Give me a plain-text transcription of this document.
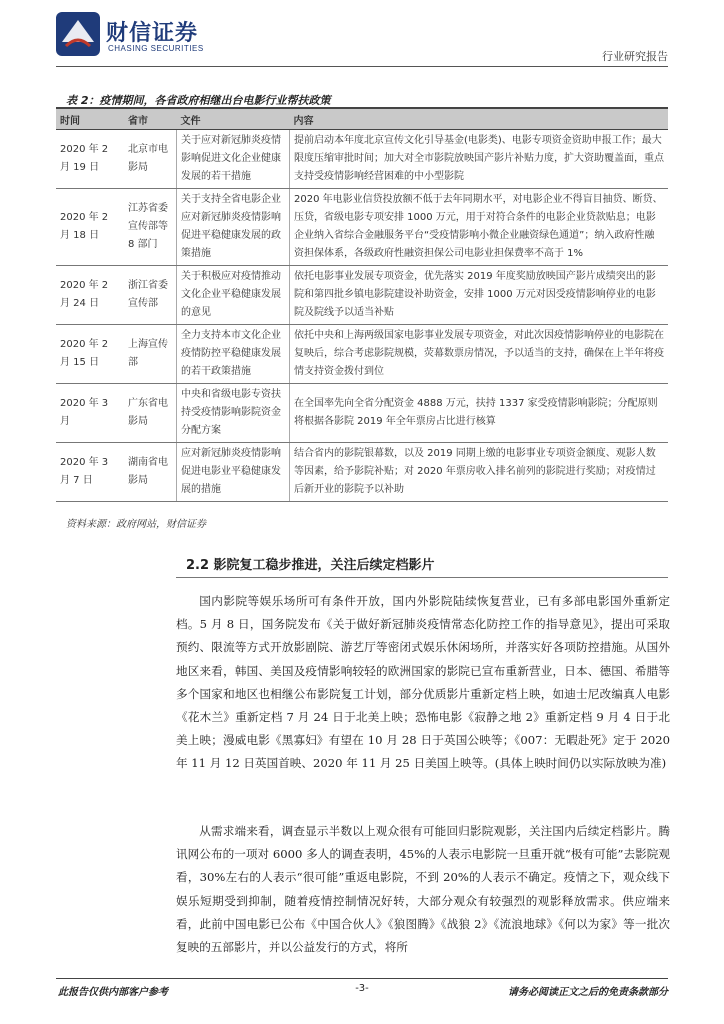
财信证券
CHASING SECURITIES
行业研究报告
表 2：疫情期间，各省政府相继出台电影行业帮扶政策
时间	省市	文件	内容
2020 年 2 月 19 日	北京市电影局	关于应对新冠肺炎疫情影响促进文化企业健康发展的若干措施	提前启动本年度北京宣传文化引导基金(电影类)、电影专项资金资助申报工作；最大限度压缩审批时间；加大对全市影院放映国产影片补贴力度，扩大资助覆盖面，重点支持受疫情影响经营困难的中小型影院
2020 年 2 月 18 日	江苏省委宣传部等 8 部门	关于支持全省电影企业应对新冠肺炎疫情影响促进平稳健康发展的政策措施	2020 年电影业信贷投放额不低于去年同期水平，对电影企业不得盲目抽贷、断贷、压贷，省级电影专项安排 1000 万元，用于对符合条件的电影企业贷款贴息；电影企业纳入省综合金融服务平台“受疫情影响小微企业融资绿色通道”；纳入政府性融资担保体系，各级政府性融资担保公司电影业担保费率不高于 1%
2020 年 2 月 24 日	浙江省委宣传部	关于积极应对疫情推动文化企业平稳健康发展的意见	依托电影事业发展专项资金，优先落实 2019 年度奖励放映国产影片成绩突出的影院和第四批乡镇电影院建设补助资金，安排 1000 万元对因受疫情影响停业的电影院及院线予以适当补贴
2020 年 2 月 15 日	上海宣传部	全力支持本市文化企业疫情防控平稳健康发展的若干政策措施	依托中央和上海两级国家电影事业发展专项资金，对此次因疫情影响停业的电影院在复映后，综合考虑影院规模，荧幕数票房情况，予以适当的支持，确保在上半年将疫情支持资金拨付到位
2020 年 3 月	广东省电影局	中央和省级电影专资扶持受疫情影响影院资金分配方案	在全国率先向全省分配资金 4888 万元，扶持 1337 家受疫情影响影院；分配原则将根据各影院 2019 年全年票房占比进行核算
2020 年 3 月 7 日	湖南省电影局	应对新冠肺炎疫情影响促进电影业平稳健康发展的措施	结合省内的影院银幕数，以及 2019 同期上缴的电影事业专项资金额度、观影人数等因素，给予影院补贴；对 2020 年票房收入排名前列的影院进行奖励；对疫情过后新开业的影院予以补助
资料来源：政府网站，财信证券
2.2 影院复工稳步推进，关注后续定档影片

国内影院等娱乐场所可有条件开放，国内外影院陆续恢复营业，已有多部电影国外重新定档。5 月 8 日，国务院发布《关于做好新冠肺炎疫情常态化防控工作的指导意见》，提出可采取预约、限流等方式开放影剧院、游艺厅等密闭式娱乐休闲场所，并落实好各项防控措施。从国外地区来看，韩国、美国及疫情影响较轻的欧洲国家的影院已宣布重新营业，日本、德国、希腊等多个国家和地区也相继公布影院复工计划，部分优质影片重新定档上映，如迪士尼改编真人电影《花木兰》重新定档 7 月 24 日于北美上映；恐怖电影《寂静之地 2》重新定档 9 月 4 日于北美上映；漫威电影《黑寡妇》有望在 10 月 28 日于英国公映等；《007：无暇赴死》定于 2020 年 11 月 12 日英国首映、2020 年 11 月 25 日美国上映等。(具体上映时间仍以实际放映为准)

从需求端来看，调查显示半数以上观众很有可能回归影院观影，关注国内后续定档影片。腾讯网公布的一项对 6000 多人的调查表明，45%的人表示电影院一旦重开就“极有可能”去影院观看，30%左右的人表示“很可能”重返电影院，不到 20%的人表示不确定。疫情之下，观众线下娱乐短期受到抑制，随着疫情控制情况好转，大部分观众有较强烈的观影释放需求。供应端来看，此前中国电影已公布《中国合伙人》《狼图腾》《战狼 2》《流浪地球》《何以为家》等一批次复映的五部影片，并以公益发行的方式，将所

此报告仅供内部客户参考	-3-	请务必阅读正文之后的免责条款部分
